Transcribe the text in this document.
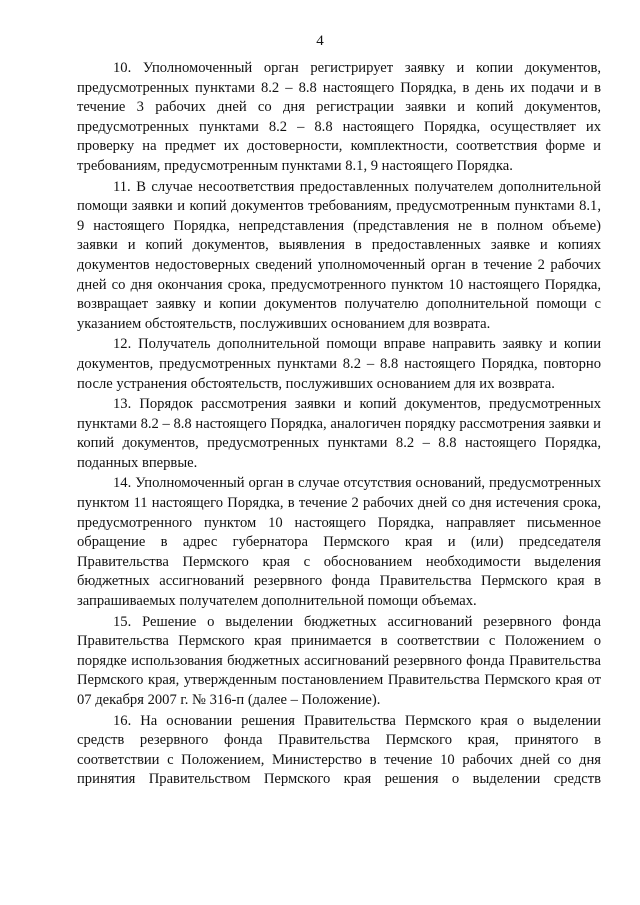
4

10. Уполномоченный орган регистрирует заявку и копии документов, предусмотренных пунктами 8.2 – 8.8 настоящего Порядка, в день их подачи и в течение 3 рабочих дней со дня регистрации заявки и копий документов, предусмотренных пунктами 8.2 – 8.8 настоящего Порядка, осуществляет их проверку на предмет их достоверности, комплектности, соответствия форме и требованиям, предусмотренным пунктами 8.1, 9 настоящего Порядка.

11. В случае несоответствия предоставленных получателем дополнительной помощи заявки и копий документов требованиям, предусмотренным пунктами 8.1, 9 настоящего Порядка, непредставления (представления не в полном объеме) заявки и копий документов, выявления в предоставленных заявке и копиях документов недостоверных сведений уполномоченный орган в течение 2 рабочих дней со дня окончания срока, предусмотренного пунктом 10 настоящего Порядка, возвращает заявку и копии документов получателю дополнительной помощи с указанием обстоятельств, послуживших основанием для возврата.

12. Получатель дополнительной помощи вправе направить заявку и копии документов, предусмотренных пунктами 8.2 – 8.8 настоящего Порядка, повторно после устранения обстоятельств, послуживших основанием для их возврата.

13. Порядок рассмотрения заявки и копий документов, предусмотренных пунктами 8.2 – 8.8 настоящего Порядка, аналогичен порядку рассмотрения заявки и копий документов, предусмотренных пунктами 8.2 – 8.8 настоящего Порядка, поданных впервые.

14. Уполномоченный орган в случае отсутствия оснований, предусмотренных пунктом 11 настоящего Порядка, в течение 2 рабочих дней со дня истечения срока, предусмотренного пунктом 10 настоящего Порядка, направляет письменное обращение в адрес губернатора Пермского края и (или) председателя Правительства Пермского края с обоснованием необходимости выделения бюджетных ассигнований резервного фонда Правительства Пермского края в запрашиваемых получателем дополнительной помощи объемах.

15. Решение о выделении бюджетных ассигнований резервного фонда Правительства Пермского края принимается в соответствии с Положением о порядке использования бюджетных ассигнований резервного фонда Правительства Пермского края, утвержденным постановлением Правительства Пермского края от 07 декабря 2007 г. № 316-п (далее – Положение).

16. На основании решения Правительства Пермского края о выделении средств резервного фонда Правительства Пермского края, принятого в соответствии с Положением, Министерство в течение 10 рабочих дней со дня принятия Правительством Пермского края решения о выделении средств
